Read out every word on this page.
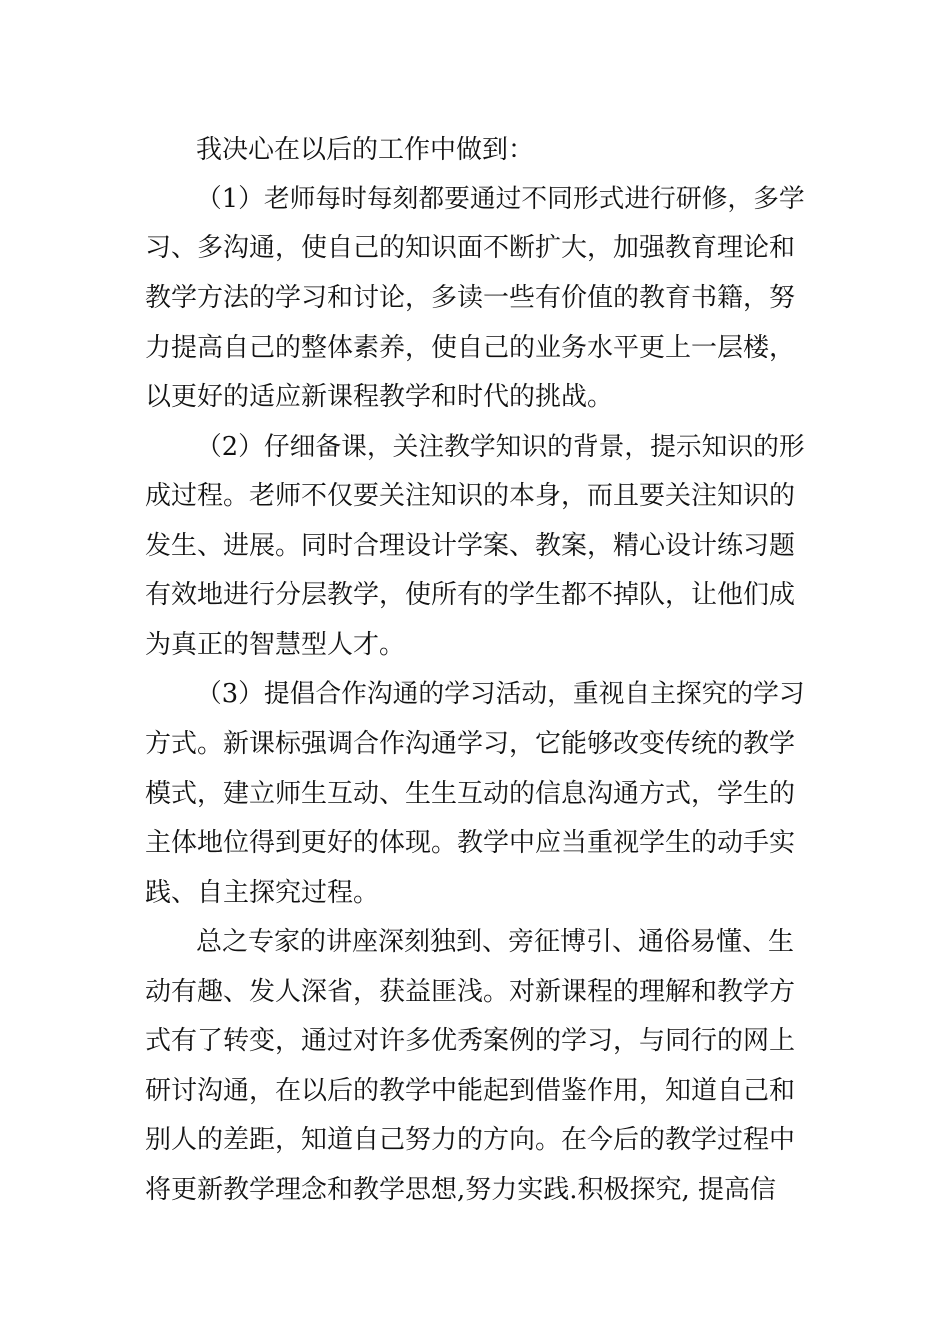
我决心在以后的工作中做到：
（1）老师每时每刻都要通过不同形式进行研修，多学
习、多沟通，使自己的知识面不断扩大，加强教育理论和
教学方法的学习和讨论，多读一些有价值的教育书籍，努
力提高自己的整体素养，使自己的业务水平更上一层楼，
以更好的适应新课程教学和时代的挑战。
（2）仔细备课，关注教学知识的背景，提示知识的形
成过程。老师不仅要关注知识的本身，而且要关注知识的
发生、进展。同时合理设计学案、教案，精心设计练习题
有效地进行分层教学，使所有的学生都不掉队，让他们成
为真正的智慧型人才。
（3）提倡合作沟通的学习活动，重视自主探究的学习
方式。新课标强调合作沟通学习，它能够改变传统的教学
模式，建立师生互动、生生互动的信息沟通方式，学生的
主体地位得到更好的体现。教学中应当重视学生的动手实
践、自主探究过程。
总之专家的讲座深刻独到、旁征博引、通俗易懂、生
动有趣、发人深省，获益匪浅。对新课程的理解和教学方
式有了转变，通过对许多优秀案例的学习，与同行的网上
研讨沟通，在以后的教学中能起到借鉴作用，知道自己和
别人的差距，知道自己努力的方向。在今后的教学过程中
将更新教学理念和教学思想,努力实践.积极探究, 提高信
